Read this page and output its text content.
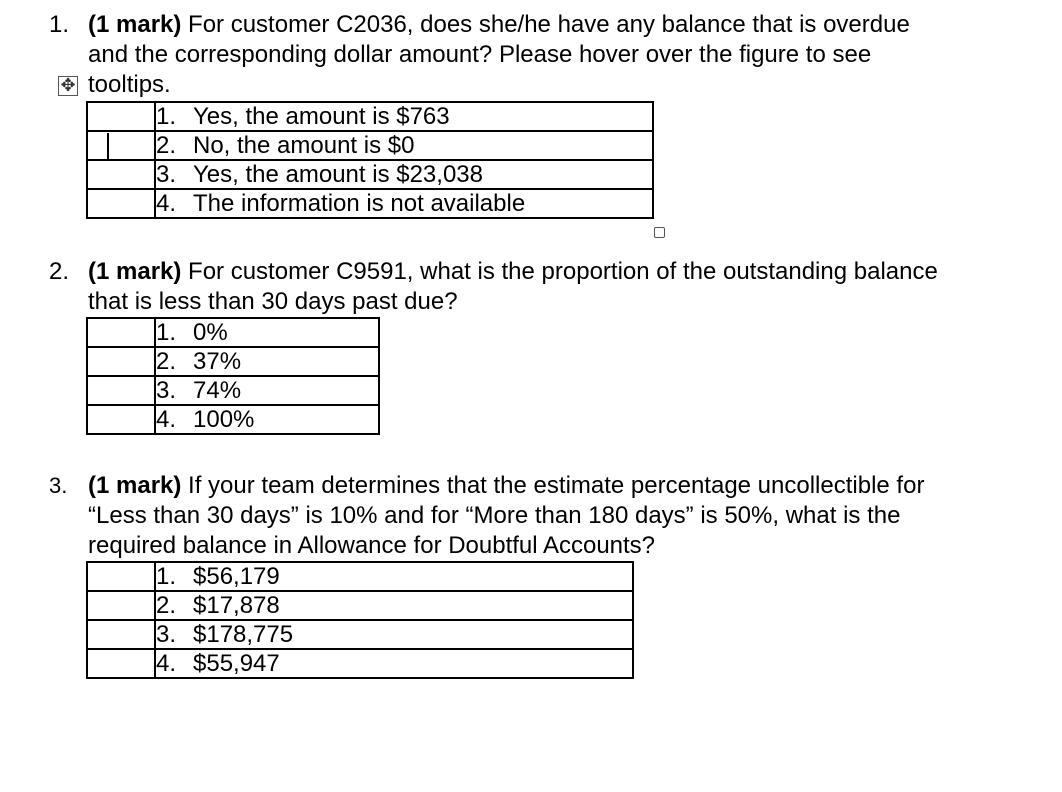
1. (1 mark) For customer C2036, does she/he have any balance that is overdue
and the corresponding dollar amount? Please hover over the figure to see
tooltips.
✥
	1. Yes, the amount is $763

	2. No, the amount is $0
	3. Yes, the amount is $23,038
	4. The information is not available
2. (1 mark) For customer C9591, what is the proportion of the outstanding balance
that is less than 30 days past due?
	1. 0%
	2. 37%
	3. 74%
	4. 100%
3. (1 mark) If your team determines that the estimate percentage uncollectible for
“Less than 30 days” is 10% and for “More than 180 days” is 50%, what is the
required balance in Allowance for Doubtful Accounts?
	1. $56,179
	2. $17,878
	3. $178,775
	4. $55,947
